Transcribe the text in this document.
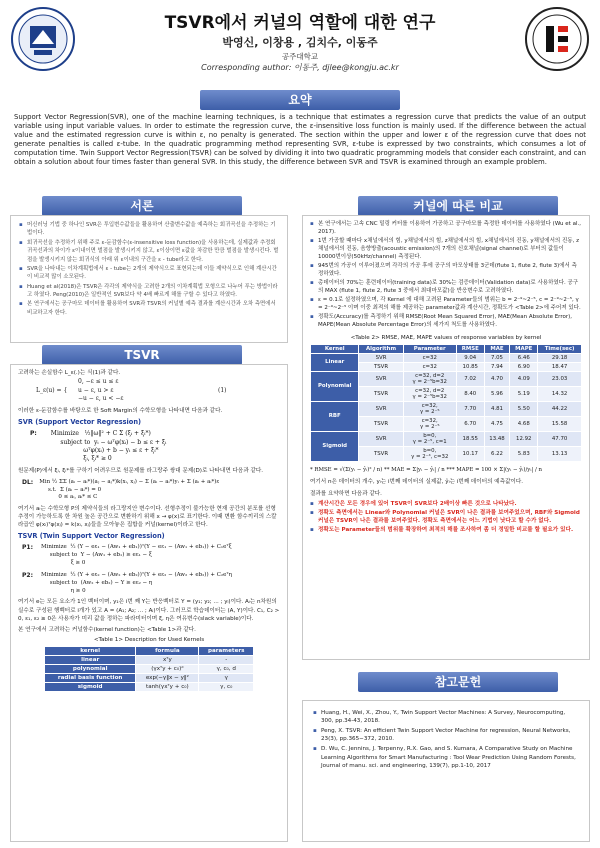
TSVR에서 커널의 역할에 대한 연구
박영신, 이창용 , 김치수, 이동주
공주대학교
Corresponding author: 이동주, djlee@kongju.ac.kr
요약
Support Vector Regression(SVR), one of the machine learning techniques, is a technique that estimates a regression curve that predicts the value of an output variable using input variable values. In order to estimate the regression curve, the ε-insensitive loss function is mainly used. If the difference between the actual value and the estimated regression curve is within ε, no penalty is generated. The section within the upper and lower ε of the regression curve that does not generate penalties is called ε-tube. In the quadratic programming method representing SVR, ε-tube is expressed by two constraints, which consumes a lot of computation time. Twin Support Vector Regression(TSVR) can be solved by dividing it into two quadratic programming models that consider each constraint, and can obtain a solution about four times faster than general SVR. In this study, the difference between SVR and TSVR is examined through an example problem.
서론
▪ 머신러닝 기법 중 하나인 SVR은 투입변수값들을 활용하여 산출변수값을 예측하는 회귀곡선을 추정하는 기법이다.
▪ 회귀곡선을 추정하기 위해 주로 ε-둔감함수(ε-insensitive loss function)을 사용하는데, 실제값과 추정회귀곡선과의 차이가 ε이내이면 벌점을 발생시키지 않고, ε이상이면 ε값을 차감한 만큼 벌점을 발생시킨다. 벌점을 발생시키지 않는 회귀식의 아래 위 ε이내의 구간을 ε - tube라고 한다.
▪ SVR을 나타내는 이차계획법에서 ε - tube는 2개의 제약식으로 표현되는데 이들 제약식으로 인해 계산시간이 비교적 많이 소모된다.
▪ Huang et al(2018)은 TSVR은 각각의 제약식을 고려한 2개의 이차계획법 모형으로 나누어 푸는 방법이라고 하였다. Peng(2010)은 일반적인 SVR보다 약 4배 빠르게 해를 구할 수 있다고 하였다.
▪ 본 연구에서는 공구마모 데이터를 활용하여 SVR과 TSVR의 커널별 예측 결과를 계산시간과 오차 측면에서 비교하고자 한다.
TSVR
고려하는 손실함수 L_ε(.)는 식(1)과 같다.
L_ε(u) = {
0, −ε ≤ u ≤ ε
u − ε, u > ε
−u − ε, u < −ε
(1)
이러한 ε-둔감함수를 바탕으로 한 Soft Margin의 수학모형을 나타내면 다음과 같다.
SVR (Support Vector Regression)
P:	Minimize   ½‖ω‖² + C Σ (ξᵢ + ξᵢ*)
subject to  yᵢ − ωᵀφ(xᵢ) − b ≤ ε + ξᵢ
ωᵀφ(xᵢ) + b − yᵢ ≤ ε + ξᵢ*
ξᵢ, ξᵢ* ≥ 0
원문제(P)에서 ξᵢ, ξᵢ*를 구하기 어려우므로 원문제를 라그랑주 쌍대 문제(D)로 나타내면 다음과 같다.
DL:	Min ½ ΣΣ (aᵢ − aᵢ*)(aⱼ − aⱼ*)k(xᵢ, xⱼ) − Σ (aᵢ − aᵢ*)yᵢ + Σ (aᵢ + aᵢ*)ε
s.t.  Σ (aᵢ − aᵢ*) = 0
0 ≤ aᵢ, aᵢ* ≤ C
여기서 aᵢ는 수학모형 P의 제약식들의 라그랑지안 변수이다. 선형추정이 불가능한 현재 공간의 분포를 선형추정이 가능하도록 한 차원 높은 공간으로 변환하기 위해 x → φ(x)로 표기한다. 이때 변환 함수끼리의 스칼라곱인 φ(xᵢ)ᵀφ(xⱼ) = k(xᵢ, xⱼ)들을 모아놓은 집합을 커널(kernel)이라고 한다.
TSVR (Twin Support Vector Regression)
P1:	Minimize  ½ (Y − eε₁ − (Aw₁ + eb₁))ᵀ(Y − eε₁ − (Aw₁ + eb₁)) + C₁eᵀξ
subject to  Y − (Aw₁ + eb₁) ≥ eε₁ − ξ
ξ ≥ 0
P2:	Minimize  ½ (Y + eε₂ − (Aw₂ + eb₂))ᵀ(Y + eε₂ − (Aw₂ + eb₂)) + C₂eᵀη
subject to  (Aw₂ + eb₂) − Y ≥ eε₂ − η
η ≥ 0
여기서 e는 모든 요소가 1인 벡터이며, y₁은 i번 째 Y는 반응벡터로 Y = (y₁; y₂; ... ; yₗ)이다. Aᵢ는 n차원의 실수로 구성된 행벡터로 i개가 있고 A = (A₁; A₂; ... ; Aₗ)이다. 그러므로 학습데이터는 (A, Y)이다. C₁, C₂ > 0, ε₁, ε₂ ≥ 0은 사용자가 미리 값을 정하는 파라미터이며 ξ, η은 여유변수(slack variable)이다.
본 연구에서 고려하는 커널함수(kernel function)는 <Table 1>과 같다.
<Table 1> Description for Used Kernels
kernel	formula	parameters
linear	xᵀy	-
polynomial	(γxᵀy + c₀)ᵈ	γ, c₀, d
radial basis function	exp(−γ‖x − y‖²	γ
sigmoid	tanh(γxᵀy + c₀)	γ, c₀
커널에 따른 비교
▪ 본 연구에서는 고속 CNC 밀링 커터를 이용하여 가공하고 공구마모를 측정한 데이터를 사용하였다 (Wu et al., 2017).
▪ 1번 가공할 때마다 x채널에서의 힘, y채널에서의 힘, z채널에서의 힘, x채널에서의 진동, y채널에서의 진동, z채널에서의 진동, 음향방출(acoustic emission)의 7개의 신호채널(signal channel)로 부터의 값들이 10000번이상(50kHz/channel) 측정된다.
▪ 945번의 가공이 이루어졌으며 각각의 가공 후에 공구의 마모상태를 3군데(flute 1, flute 2, flute 3)에서 측정하였다.
▪ 총데이터의 70%는 훈련데이터(training data)로 30%는 검증데이터(Validation data)로 사용하였다. 공구의 MAX (flute 1, flute 2, flute 3 중에서 최대마모값)을 반응변수로 고려하였다.
▪ ε = 0.1로 설정하였으며, 각 Kernel 에 대해 고려된 Parameter들의 범위는 b = 2⁻⁹~2⁻⁵, c = 2⁻⁹~2⁻⁵, γ = 2⁻⁹~2⁻⁵ 이며 이중 최적의 해를 제공하는 parameter값과 계산시간, 정확도가 <Table 2>에 주어져 있다.
▪ 정확도(Accuracy)를 측정하기 위해 RMSE(Root Mean Squared Error), MAE(Mean Absolute Error), MAPE(Mean Absolute Percentage Error)의 세가지 척도를 사용하였다.
<Table 2> RMSE, MAE, MAPE values of response variables by kernel
Kernel	Algorithm	Parameter	RMSE	MAE	MAPE	Time(sec)
Linear	SVR	c=32	9.04	7.05	6.46	29.18
	TSVR	c=32	10.85	7.94	6.90	18.47
Polynomial	SVR	c=32, d=2
γ = 2⁻⁵b=32	7.02	4.70	4.09	23.03
	TSVR	c=32, d=2
γ = 2⁻⁵b=32	8.40	5.96	5.19	14.32
RBF	SVR	c=32,
γ = 2⁻⁵	7.70	4.81	5.50	44.22
	TSVR	c=32,
γ = 2⁻⁵	6.70	4.75	4.68	15.58
Sigmoid	SVR	b=0,
γ = 2⁻⁵, c=1	18.55	13.48	12.92	47.70
	TSVR	b=0,
γ = 2⁻⁴, c=32	10.17	6.22	5.83	13.13
* RMSE = √(Σ(yᵢ − ŷᵢ)² / n) ** MAE = Σ|yᵢ − ŷᵢ| / n *** MAPE = 100 × Σ|(yᵢ − ŷᵢ)/yᵢ| / n
여기서 n은 데이터의 개수, yᵢ는 i번째 데이터의 실제값, ŷᵢ는 i번째 데이터의 예측값이다.
결과를 요약하면 다음과 같다.
▪ 계산시간은 모든 경우에 있어 TSVR이 SVR보다 2배이상 빠른 것으로 나타났다.
▪ 정확도 측면에서는 Linear와 Polynomial 커널은 SVR이 나은 결과를 보여주었으며, RBF와 Sigmoid커널은 TSVR이 나은 결과를 보여주었다. 정확도 측면에서는 어느 기법이 낫다고 할 수가 없다.
▪ 정확도는 Parameter들의 범위를 확장하여 최적의 해를 조사하여 좀 더 정밀한 비교를 할 필요가 있다.
참고문헌
▪ Huang, H., Wei, X., Zhou, Y., Twin Support Vector Machines: A Survey, Neurocomputing, 300, pp.34-43, 2018.
▪ Peng, X. TSVR: An efficient Twin Support Vector Machine for regression, Neural Networks, 23(3), pp.365−372, 2010.
▪ D. Wu, C. Jennins, J. Terpenny, R.X. Gao, and S. Kumara, A Comparative Study on Machine Learning Algorithms for Smart Manufacturing : Tool Wear Prediction Using Random Forests, Journal of manu. sci. and engineering, 139(7), pp.1-10, 2017
